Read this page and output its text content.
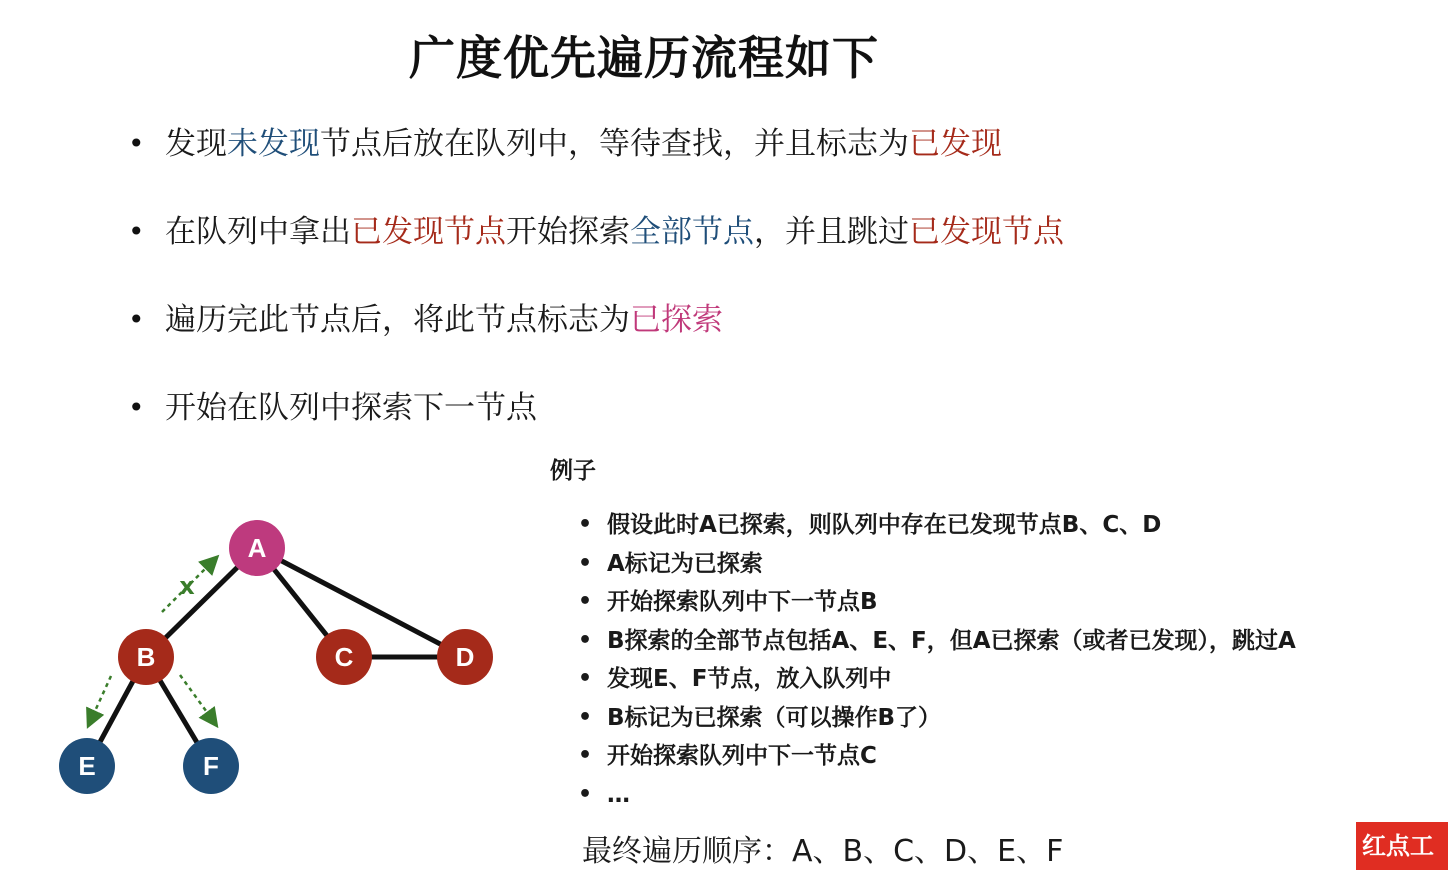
广度优先遍历流程如下
• 发现未发现节点后放在队列中，等待查找，并且标志为已发现
• 在队列中拿出已发现节点开始探索全部节点，并且跳过已发现节点
• 遍历完此节点后，将此节点标志为已探索
• 开始在队列中探索下一节点
例子
• 假设此时A已探索，则队列中存在已发现节点B、C、D
• A标记为已探索
• 开始探索队列中下一节点B
• B探索的全部节点包括A、E、F，但A已探索（或者已发现），跳过A
• 发现E、F节点，放入队列中
• B标记为已探索（可以操作B了）
• 开始探索队列中下一节点C
• …
最终遍历顺序：A、B、C、D、E、F
x
A
B	C	D
E	F
红点工
